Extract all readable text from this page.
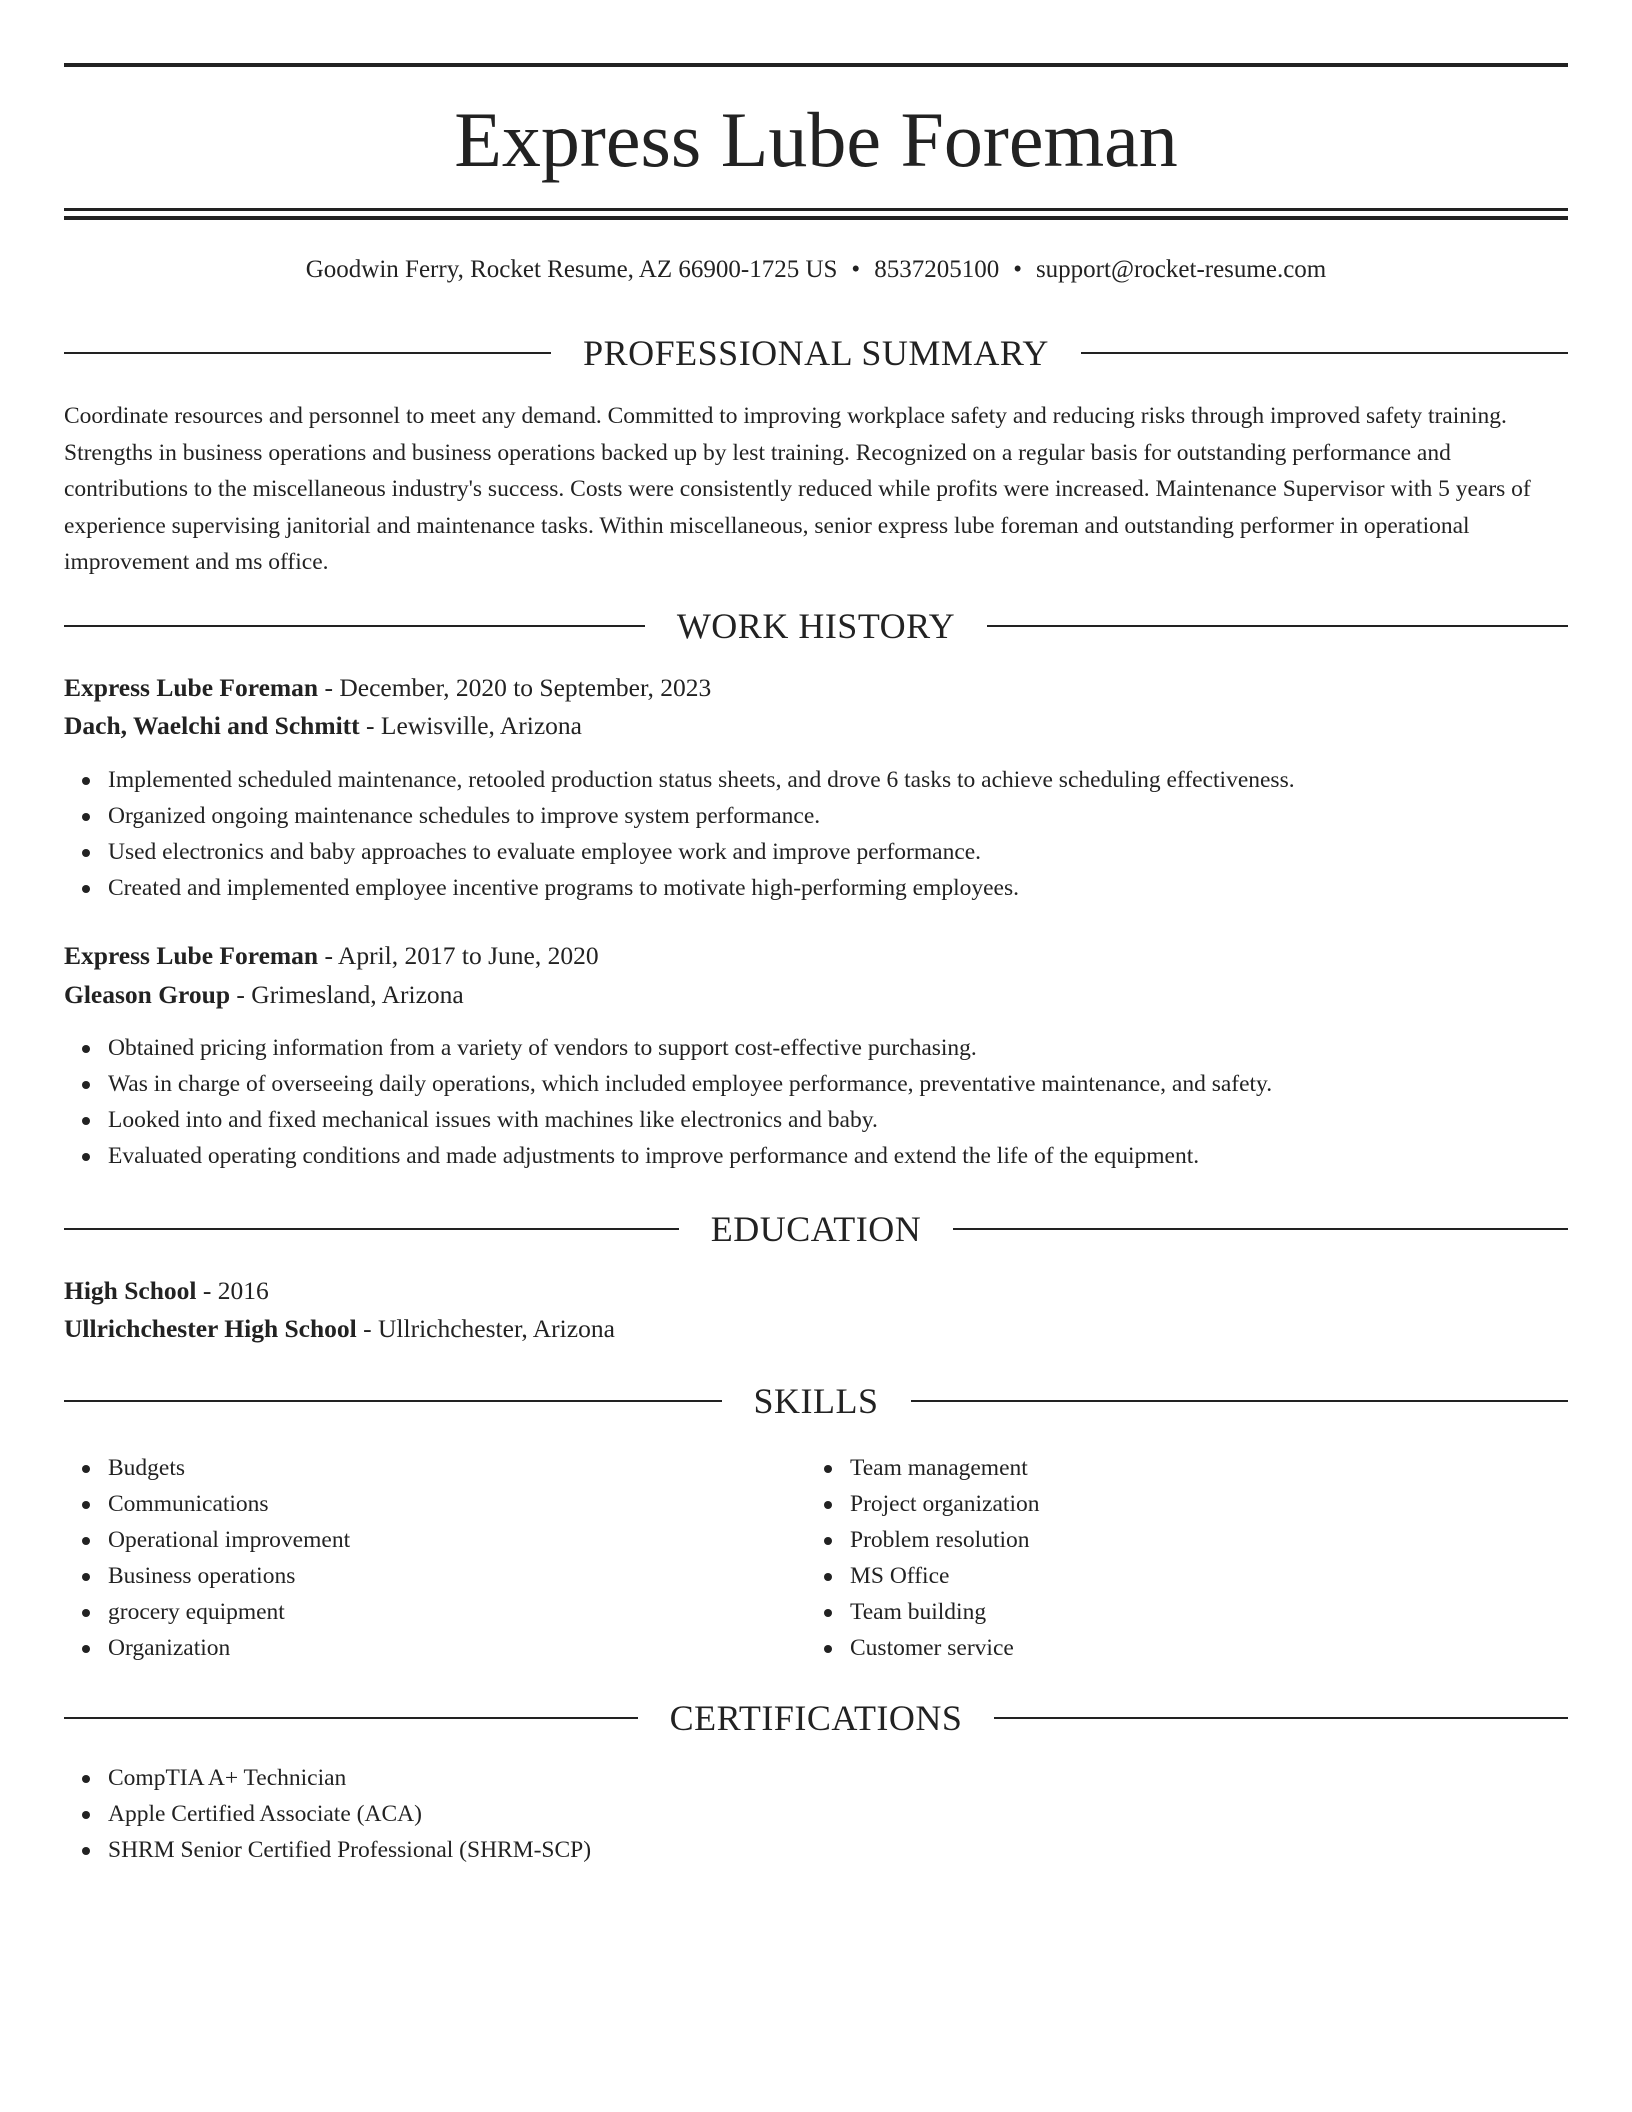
Express Lube Foreman
Goodwin Ferry, Rocket Resume, AZ 66900-1725 US • 8537205100 • support@rocket-resume.com
PROFESSIONAL SUMMARY

Coordinate resources and personnel to meet any demand. Committed to improving workplace safety and reducing risks through improved safety training. Strengths in business operations and business operations backed up by lest training. Recognized on a regular basis for outstanding performance and contributions to the miscellaneous industry's success. Costs were consistently reduced while profits were increased. Maintenance Supervisor with 5 years of experience supervising janitorial and maintenance tasks. Within miscellaneous, senior express lube foreman and outstanding performer in operational improvement and ms office.

WORK HISTORY
Express Lube Foreman - December, 2020 to September, 2023
Dach, Waelchi and Schmitt - Lewisville, Arizona
Implemented scheduled maintenance, retooled production status sheets, and drove 6 tasks to achieve scheduling effectiveness.
Organized ongoing maintenance schedules to improve system performance.
Used electronics and baby approaches to evaluate employee work and improve performance.
Created and implemented employee incentive programs to motivate high-performing employees.
Express Lube Foreman - April, 2017 to June, 2020
Gleason Group - Grimesland, Arizona
Obtained pricing information from a variety of vendors to support cost-effective purchasing.
Was in charge of overseeing daily operations, which included employee performance, preventative maintenance, and safety.
Looked into and fixed mechanical issues with machines like electronics and baby.
Evaluated operating conditions and made adjustments to improve performance and extend the life of the equipment.
EDUCATION
High School - 2016
Ullrichchester High School - Ullrichchester, Arizona
SKILLS
Budgets
Communications
Operational improvement
Business operations
grocery equipment
Organization
Team management
Project organization
Problem resolution
MS Office
Team building
Customer service
CERTIFICATIONS
CompTIA A+ Technician
Apple Certified Associate (ACA)
SHRM Senior Certified Professional (SHRM-SCP)
